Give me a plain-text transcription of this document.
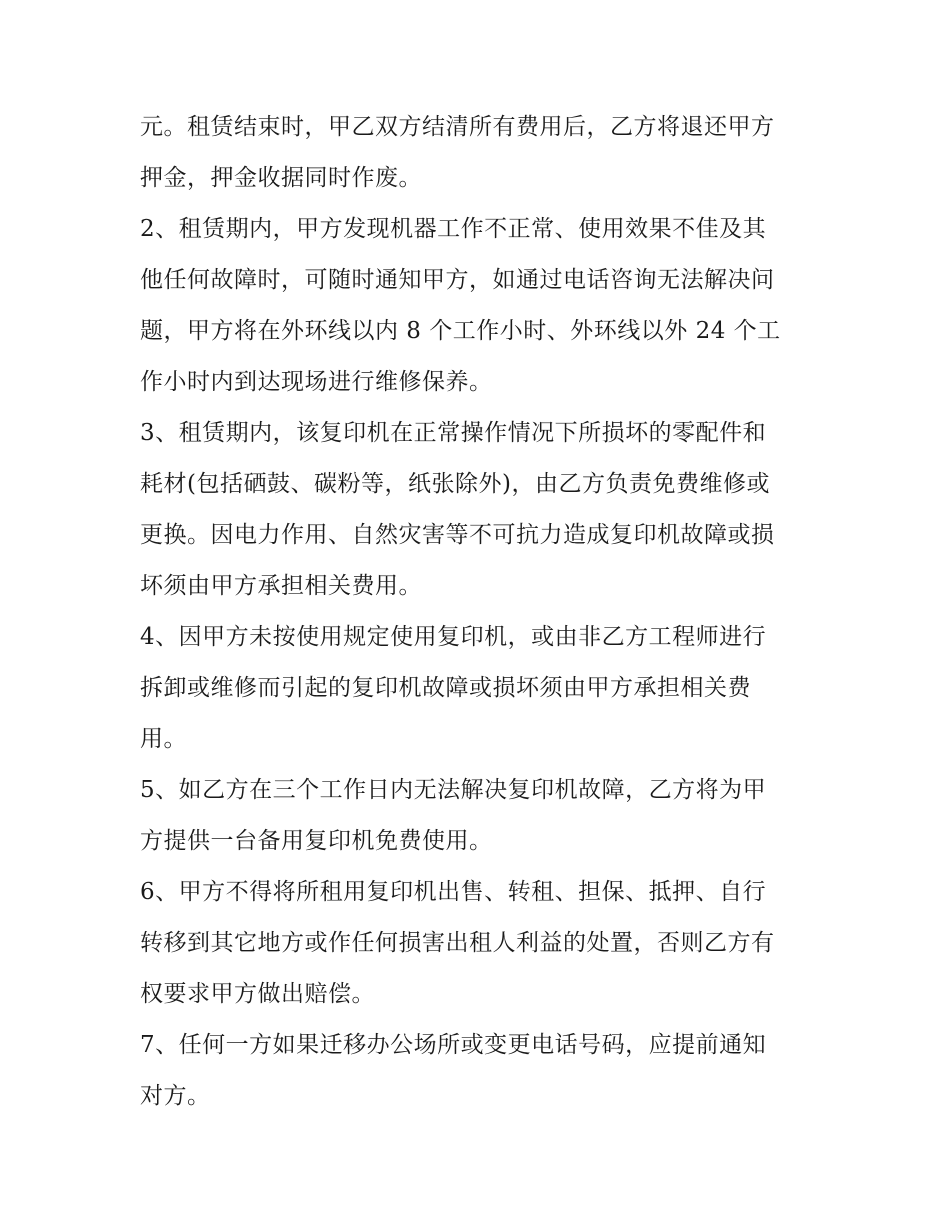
元。租赁结束时，甲乙双方结清所有费用后，乙方将退还甲方
押金，押金收据同时作废。

2、租赁期内，甲方发现机器工作不正常、使用效果不佳及其
他任何故障时，可随时通知甲方，如通过电话咨询无法解决问
题，甲方将在外环线以内 8 个工作小时、外环线以外 24 个工
作小时内到达现场进行维修保养。

3、租赁期内，该复印机在正常操作情况下所损坏的零配件和
耗材(包括硒鼓、碳粉等，纸张除外)，由乙方负责免费维修或
更换。因电力作用、自然灾害等不可抗力造成复印机故障或损
坏须由甲方承担相关费用。

4、因甲方未按使用规定使用复印机，或由非乙方工程师进行
拆卸或维修而引起的复印机故障或损坏须由甲方承担相关费
用。

5、如乙方在三个工作日内无法解决复印机故障，乙方将为甲
方提供一台备用复印机免费使用。

6、甲方不得将所租用复印机出售、转租、担保、抵押、自行
转移到其它地方或作任何损害出租人利益的处置，否则乙方有
权要求甲方做出赔偿。

7、任何一方如果迁移办公场所或变更电话号码，应提前通知
对方。
